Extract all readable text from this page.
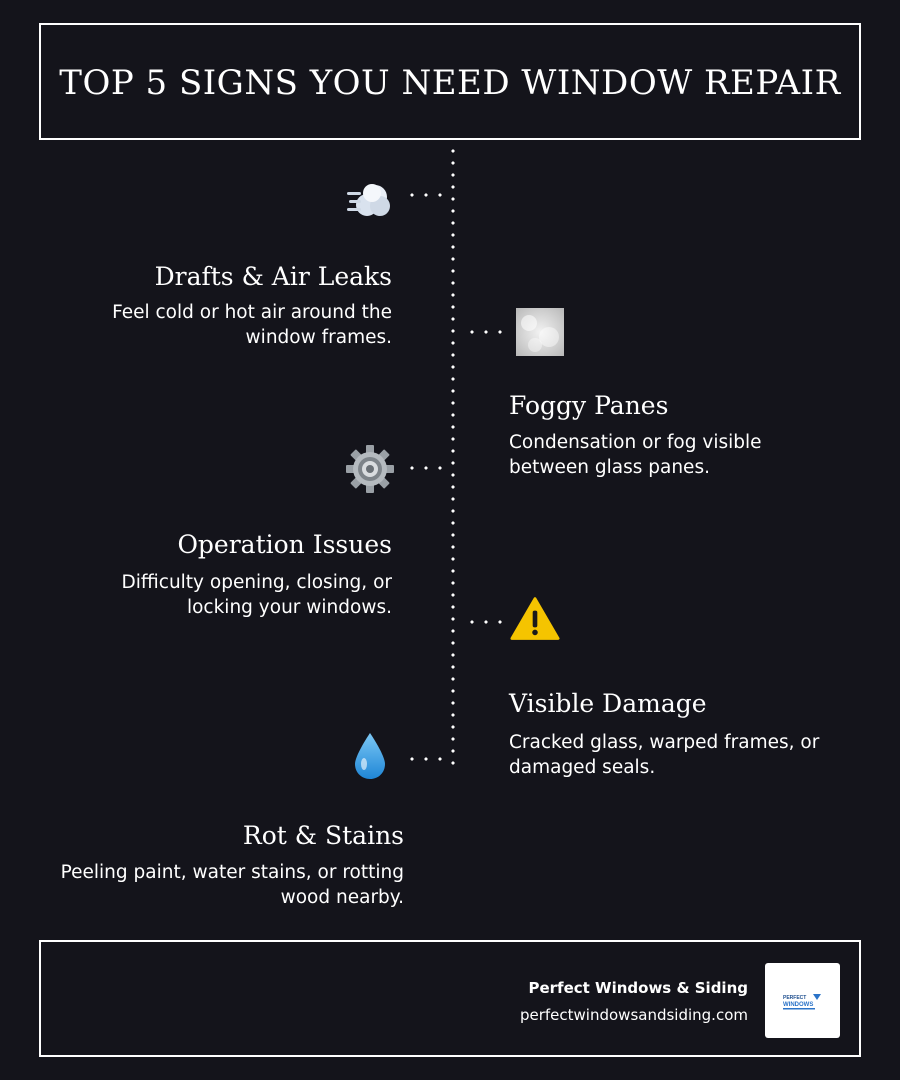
TOP 5 SIGNS YOU NEED WINDOW REPAIR
Drafts & Air Leaks
Feel cold or hot air around the window frames.
Foggy Panes
Condensation or fog visible between glass panes.
Operation Issues
Difficulty opening, closing, or locking your windows.
Visible Damage
Cracked glass, warped frames, or damaged seals.
Rot & Stains
Peeling paint, water stains, or rotting wood nearby.
Perfect Windows & Siding
perfectwindowsandsiding.com
PERFECT
WINDOWS
